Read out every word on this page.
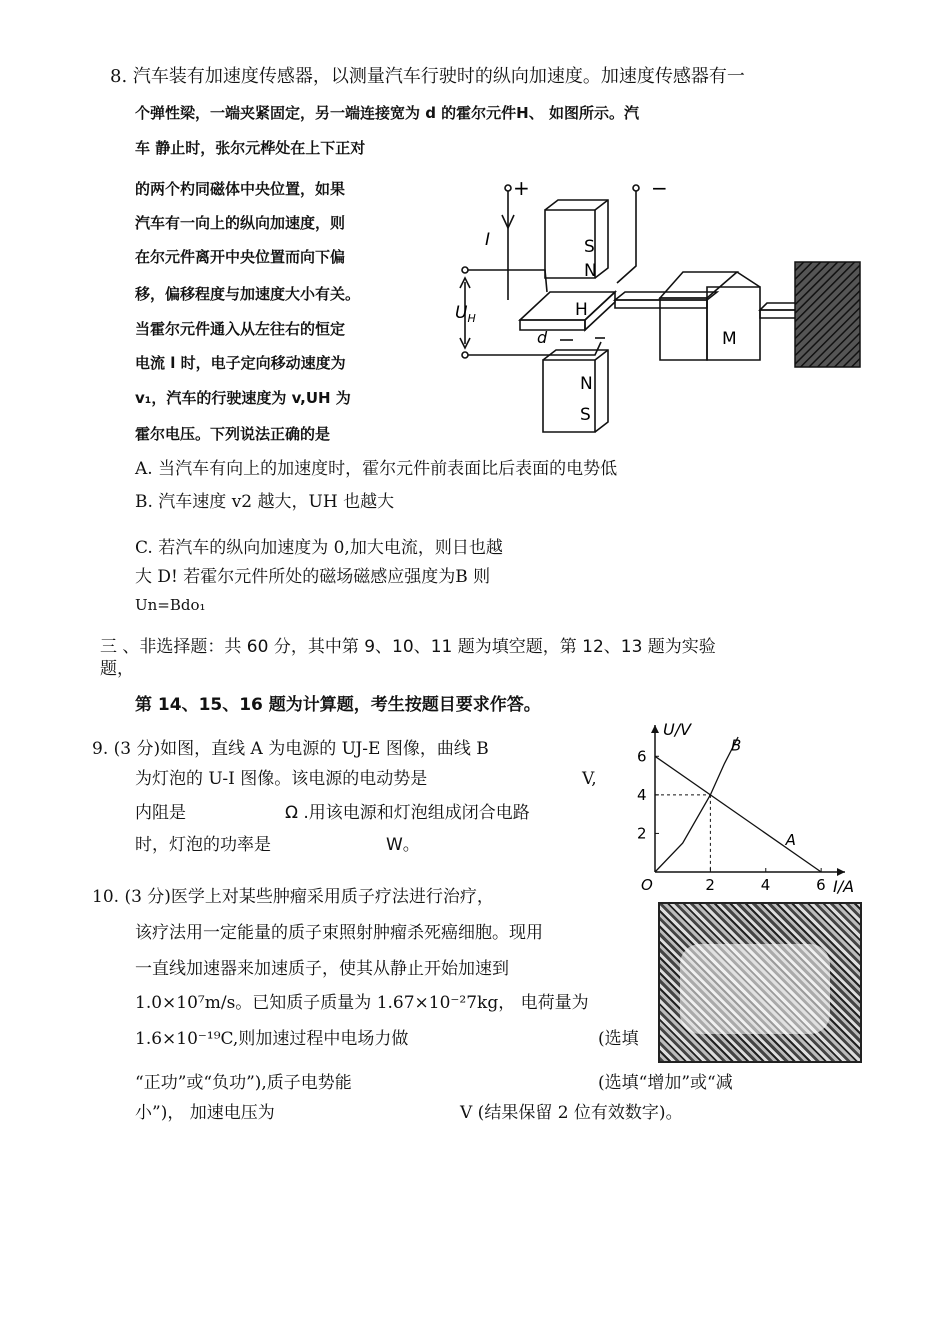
8. 汽车装有加速度传感器，以测量汽车行驶时的纵向加速度。加速度传感器有一
个弹性梁，一端夹紧固定，另一端连接宽为 d 的霍尔元件H、 如图所示。汽
车 静止时，张尔元桦处在上下正对
的两个杓同磁体中央位置，如果
汽车有一向上的纵向加速度，则
在尔元件离开中央位置而向下偏
移，偏移程度与加速度大小有关。
当霍尔元件通入从左往右的恒定
电流 l 时，电子定向移动速度为
v₁，汽车的行驶速度为 v,UH 为
霍尔电压。下列说法正确的是
+	−
I	S
N
H
N
S
M
d
$U_H$
A. 当汽车有向上的加速度时，霍尔元件前表面比后表面的电势低
B. 汽车速度 v2 越大，UH 也越大
C. 若汽车的纵向加速度为 0,加大电流，则日也越
大 D! 若霍尔元件所处的磁场磁感应强度为B 则
Un=Bdo₁
三 、非选择题：共 60 分，其中第 9、10、11 题为填空题，第 12、13 题为实验
题，
第 14、15、16 题为计算题，考生按题目要求作答。
9. (3 分)如图，直线 A 为电源的 UJ-E 图像，曲线 B
为灯泡的 U-I 图像。该电源的电动势是	V,
内阻是	Ω .用该电源和灯泡组成闭合电路
时，灯泡的功率是	W。
U/V
I/A
O	2	4	6
2
4
6
A
B
10. (3 分)医学上对某些肿瘤采用质子疗法进行治疗，
该疗法用一定能量的质子束照射肿瘤杀死癌细胞。现用
一直线加速器来加速质子，使其从静止开始加速到
1.0×10⁷m/s。已知质子质量为 1.67×10⁻²7kg， 电荷量为
1.6×10⁻¹⁹C,则加速过程中电场力做	(选填
“正功”或“负功”),质子电势能	(选填“增加”或“减
小”)， 加速电压为	V (结果保留 2 位有效数字)。
